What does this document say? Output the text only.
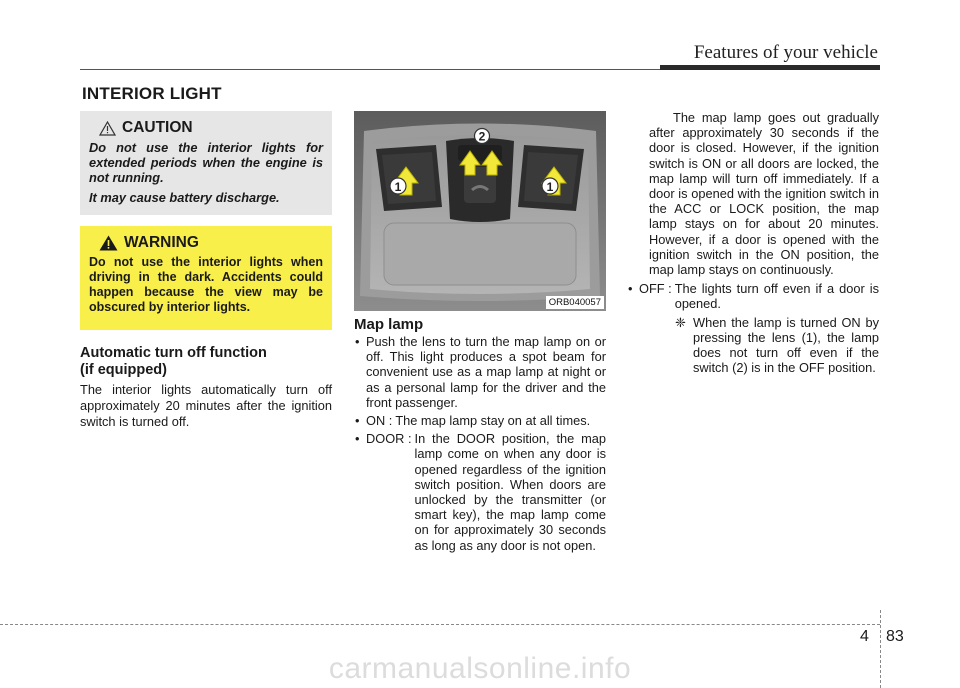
Features of your vehicle
INTERIOR LIGHT
CAUTION

Do not use the interior lights for extended periods when the engine is not running.

It may cause battery discharge.

WARNING
Do not use the interior lights when driving in the dark. Accidents could happen because the view may be obscured by interior lights.
Automatic turn off function
(if equipped)
The interior lights automatically turn off approximately 20 minutes after the ignition switch is turned off.
1	1
2
ORB040057
Map lamp
• Push the lens to turn the map lamp on or off. This light produces a spot beam for convenient use as a map lamp at night or as a personal lamp for the driver and the front passenger.
• ON : The map lamp stay on at all times.
• DOOR : In the DOOR position, the map lamp come on when any door is opened regardless of the ignition switch position. When doors are unlocked by the transmitter (or smart key), the map lamp come on for approximately 30 seconds as long as any door is not open.
The map lamp goes out gradually after approximately 30 seconds if the door is closed. However, if the ignition switch is ON or all doors are locked, the map lamp will turn off immediately. If a door is opened with the ignition switch in the ACC or LOCK position, the map lamp stays on for about 20 minutes. However, if a door is opened with the ignition switch in the ON position, the map lamp stays on continuously.
• OFF : The lights turn off even if a door is opened.
❈ When the lamp is turned ON by pressing the lens (1), the lamp does not turn off even if the switch (2) is in the OFF position.
4 83
carmanualsonline.info
